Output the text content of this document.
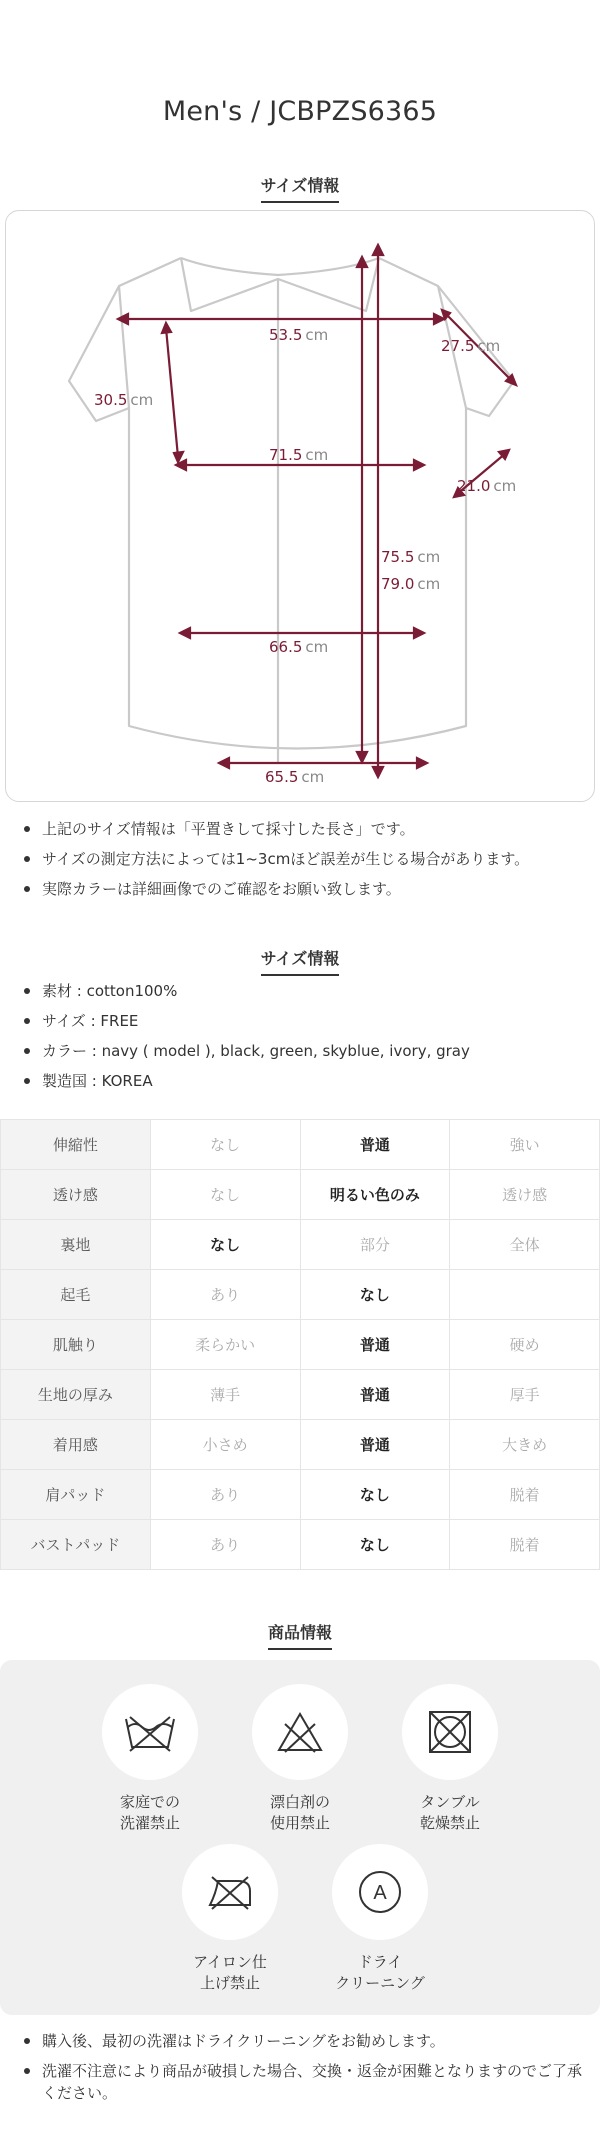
Men's / JCBPZS6365
サイズ情報
53.5 cm
27.5 cm
30.5 cm
71.5 cm
21.0 cm
75.5 cm
79.0 cm
66.5 cm
65.5 cm
上記のサイズ情報は「平置きして採寸した長さ」です。
サイズの測定方法によっては1~3cmほど誤差が生じる場合があります。
実際カラーは詳細画像でのご確認をお願い致します。
サイズ情報
素材 : cotton100%
サイズ : FREE
カラー : navy ( model ), black, green, skyblue, ivory, gray
製造国 : KOREA
伸縮性	なし	普通	強い
透け感	なし	明るい色のみ	透け感
裏地	なし	部分	全体
起毛	あり	なし	
肌触り	柔らかい	普通	硬め
生地の厚み	薄手	普通	厚手
着用感	小さめ	普通	大きめ
肩パッド	あり	なし	脱着
バストパッド	あり	なし	脱着
商品情報
家庭での
洗濯禁止
漂白剤の
使用禁止
タンブル
乾燥禁止
アイロン仕
上げ禁止
A
ドライ
クリーニング
購入後、最初の洗濯はドライクリーニングをお勧めします。
洗濯不注意により商品が破損した場合、交換・返金が困難となりますのでご了承ください。
